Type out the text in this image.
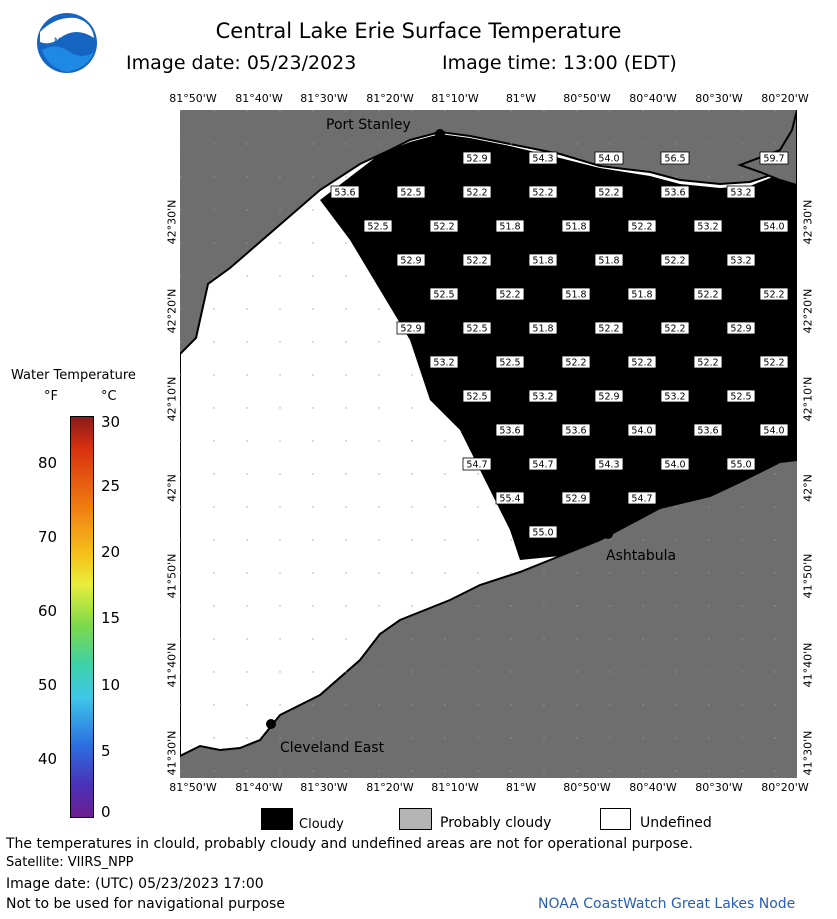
NOAA	Central Lake Erie Surface Temperature
Image date: 05/23/2023	Image time: 13:00 (EDT)
81°50'W 81°40'W 81°30'W 81°20'W 81°10'W 81°W 80°50'W 80°40'W 80°30'W 80°20'W
81°50'W 81°40'W 81°30'W 81°20'W 81°10'W 81°W 80°50'W 80°40'W 80°30'W 80°20'W
42°30'N
42°20'N
42°10'N
42°N
41°50'N
41°40'N
41°30'N
42°30'N
42°20'N
42°10'N
42°N
41°50'N
41°40'N
41°30'N
52.9	54.3	54.0	56.5	59.7
53.6	52.5	52.2	52.2	52.2	53.6	53.2
52.5	52.2	51.8	51.8	52.2	53.2	54.0
52.9	52.2	51.8	51.8	52.2	53.2
52.5	52.2	51.8	51.8	52.2	52.2
52.9	52.5	51.8	52.2	52.2	52.9
53.2	52.5	52.2	52.2	52.2	52.2
52.5	53.2	52.9	53.2	52.5
53.6	53.6	54.0	53.6	54.0
54.7	54.7	54.3	54.0	55.0
55.4	52.9	54.7
55.0
Port Stanley
Ashtabula
Cleveland East
Water Temperature
°F	°C
80
70
60
50
40
30
25
20
15
10
5
0
Cloudy	Probably cloudy	Undefined
The temperatures in clould, probably cloudy and undefined areas are not for operational purpose.
Satellite: VIIRS_NPP
Image date: (UTC) 05/23/2023 17:00
Not to be used for navigational purpose	NOAA CoastWatch Great Lakes Node
